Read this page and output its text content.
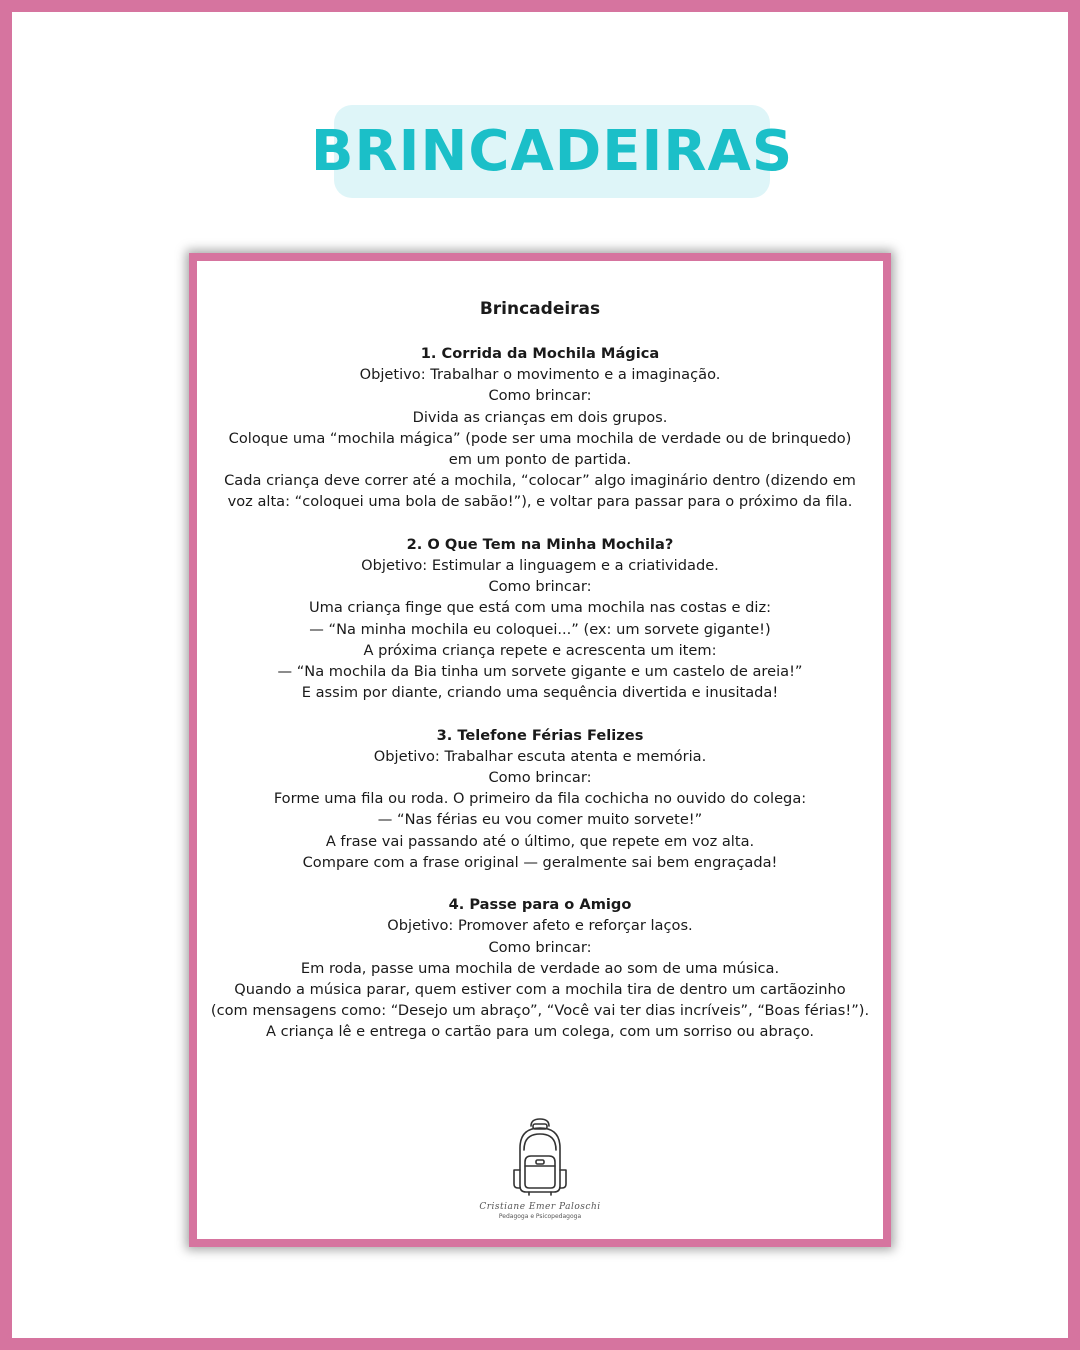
BRINCADEIRAS
Brincadeiras
1. Corrida da Mochila Mágica
Objetivo: Trabalhar o movimento e a imaginação.
Como brincar:
Divida as crianças em dois grupos.
Coloque uma “mochila mágica” (pode ser uma mochila de verdade ou de brinquedo)
em um ponto de partida.
Cada criança deve correr até a mochila, “colocar” algo imaginário dentro (dizendo em
voz alta: “coloquei uma bola de sabão!”), e voltar para passar para o próximo da fila.
2. O Que Tem na Minha Mochila?
Objetivo: Estimular a linguagem e a criatividade.
Como brincar:
Uma criança finge que está com uma mochila nas costas e diz:
— “Na minha mochila eu coloquei...” (ex: um sorvete gigante!)
A próxima criança repete e acrescenta um item:
— “Na mochila da Bia tinha um sorvete gigante e um castelo de areia!”
E assim por diante, criando uma sequência divertida e inusitada!
3. Telefone Férias Felizes
Objetivo: Trabalhar escuta atenta e memória.
Como brincar:
Forme uma fila ou roda. O primeiro da fila cochicha no ouvido do colega:
— “Nas férias eu vou comer muito sorvete!”
A frase vai passando até o último, que repete em voz alta.
Compare com a frase original — geralmente sai bem engraçada!
4. Passe para o Amigo
Objetivo: Promover afeto e reforçar laços.
Como brincar:
Em roda, passe uma mochila de verdade ao som de uma música.
Quando a música parar, quem estiver com a mochila tira de dentro um cartãozinho
(com mensagens como: “Desejo um abraço”, “Você vai ter dias incríveis”, “Boas férias!”).
A criança lê e entrega o cartão para um colega, com um sorriso ou abraço.
Cristiane Emer Paloschi
Pedagoga e Psicopedagoga
